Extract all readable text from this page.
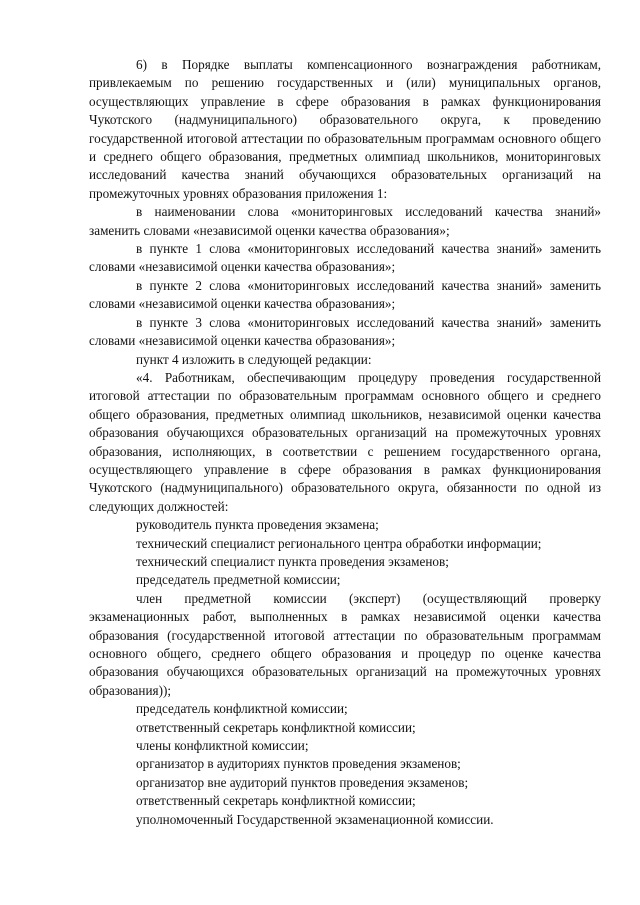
6) в Порядке выплаты компенсационного вознаграждения работникам, привлекаемым по решению государственных и (или) муниципальных органов, осуществляющих управление в сфере образования в рамках функционирования Чукотского (надмуниципального) образовательного округа, к проведению государственной итоговой аттестации по образовательным программам основного общего и среднего общего образования, предметных олимпиад школьников, мониторинговых исследований качества знаний обучающихся образовательных организаций на промежуточных уровнях образования приложения 1:

в наименовании слова «мониторинговых исследований качества знаний» заменить словами «независимой оценки качества образования»;

в пункте 1 слова «мониторинговых исследований качества знаний» заменить словами «независимой оценки качества образования»;

в пункте 2 слова «мониторинговых исследований качества знаний» заменить словами «независимой оценки качества образования»;

в пункте 3 слова «мониторинговых исследований качества знаний» заменить словами «независимой оценки качества образования»;

пункт 4 изложить в следующей редакции:

«4. Работникам, обеспечивающим процедуру проведения государственной итоговой аттестации по образовательным программам основного общего и среднего общего образования, предметных олимпиад школьников, независимой оценки качества образования обучающихся образовательных организаций на промежуточных уровнях образования, исполняющих, в соответствии с решением государственного органа, осуществляющего управление в сфере образования в рамках функционирования Чукотского (надмуниципального) образовательного округа, обязанности по одной из следующих должностей:

руководитель пункта проведения экзамена;

технический специалист регионального центра обработки информации;

технический специалист пункта проведения экзаменов;

председатель предметной комиссии;

член предметной комиссии (эксперт) (осуществляющий проверку экзаменационных работ, выполненных в рамках независимой оценки качества образования (государственной итоговой аттестации по образовательным программам основного общего, среднего общего образования и процедур по оценке качества образования обучающихся образовательных организаций на промежуточных уровнях образования));

председатель конфликтной комиссии;

ответственный секретарь конфликтной комиссии;

члены конфликтной комиссии;

организатор в аудиториях пунктов проведения экзаменов;

организатор вне аудиторий пунктов проведения экзаменов;

ответственный секретарь конфликтной комиссии;

уполномоченный Государственной экзаменационной комиссии.
